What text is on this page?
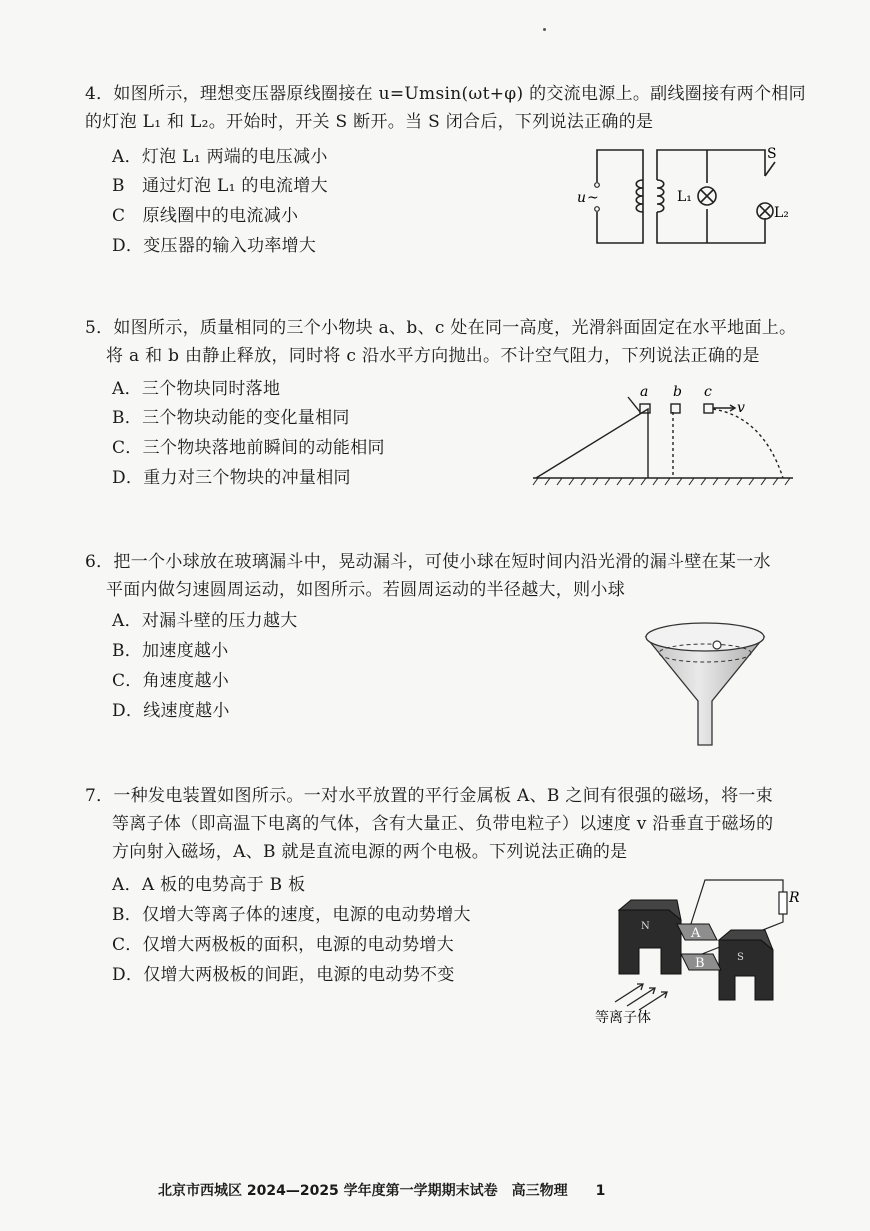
4．如图所示，理想变压器原线圈接在 u=Umsin(ωt+φ) 的交流电源上。副线圈接有两个相同
的灯泡 L₁ 和 L₂。开始时，开关 S 断开。当 S 闭合后，下列说法正确的是
A．灯泡 L₁ 两端的电压减小
B　通过灯泡 L₁ 的电流增大
C　原线圈中的电流减小
D．变压器的输入功率增大
u ~	L₁
L₂
S
5．如图所示，质量相同的三个小物块 a、b、c 处在同一高度，光滑斜面固定在水平地面上。
将 a 和 b 由静止释放，同时将 c 沿水平方向抛出。不计空气阻力，下列说法正确的是
A．三个物块同时落地
B．三个物块动能的变化量相同
C．三个物块落地前瞬间的动能相同
D．重力对三个物块的冲量相同
a b c
v
6．把一个小球放在玻璃漏斗中，晃动漏斗，可使小球在短时间内沿光滑的漏斗壁在某一水
平面内做匀速圆周运动，如图所示。若圆周运动的半径越大，则小球
A．对漏斗壁的压力越大
B．加速度越小
C．角速度越小
D．线速度越小
7．一种发电装置如图所示。一对水平放置的平行金属板 A、B 之间有很强的磁场，将一束
等离子体（即高温下电离的气体，含有大量正、负带电粒子）以速度 v 沿垂直于磁场的
方向射入磁场，A、B 就是直流电源的两个电极。下列说法正确的是
A．A 板的电势高于 B 板
B．仅增大等离子体的速度，电源的电动势增大
C．仅增大两极板的面积，电源的电动势增大
D．仅增大两极板的间距，电源的电动势不变
R
N
S
A
B
等离子体
北京市西城区 2024—2025 学年度第一学期期末试卷　高三物理　　1
